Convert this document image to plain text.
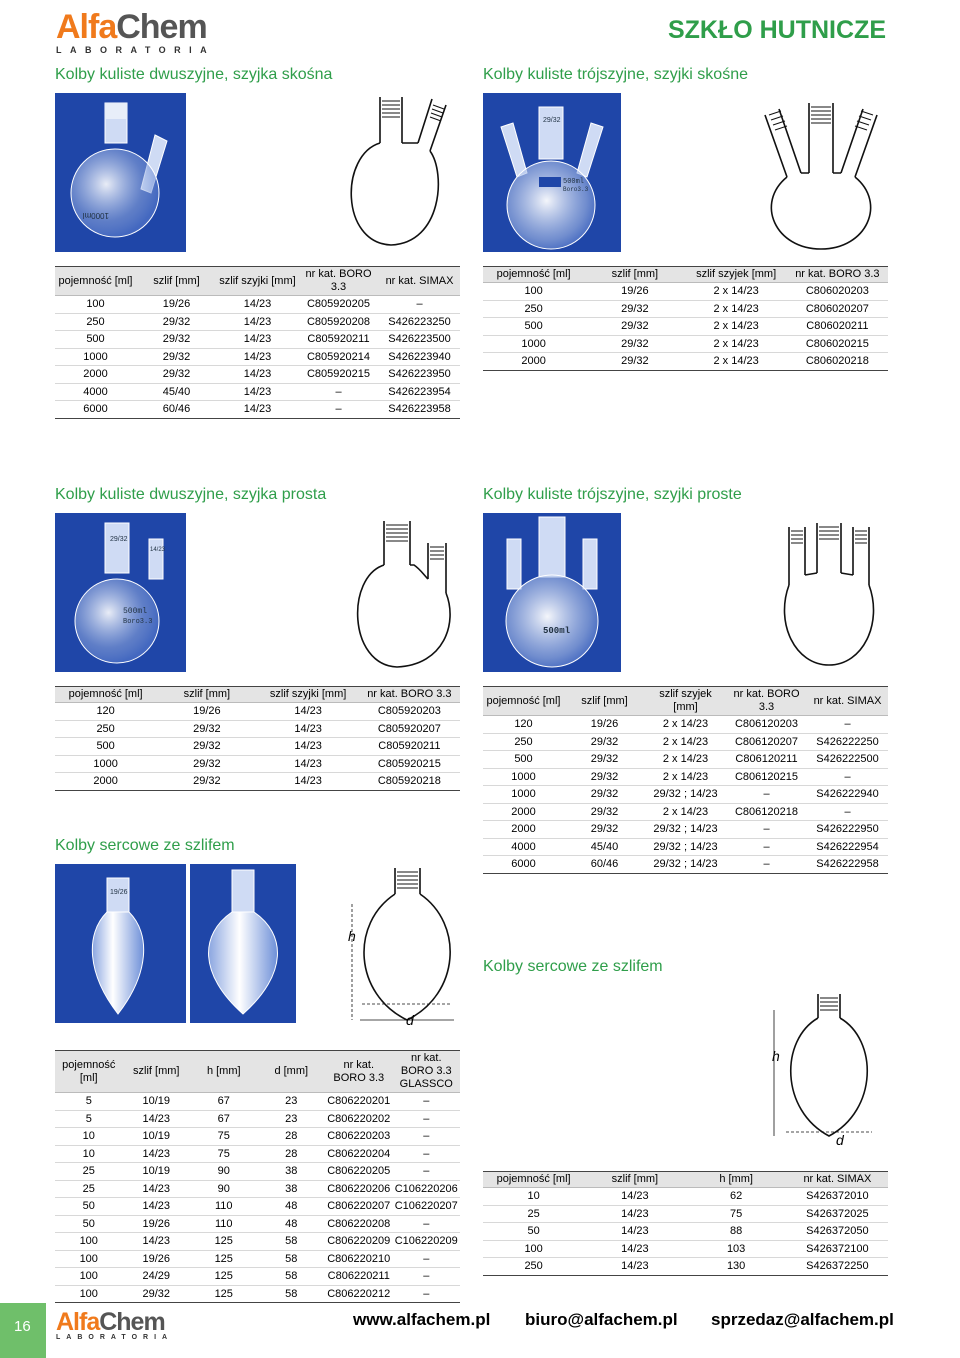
AlfaChem
LABORATORIA
SZKŁO HUTNICZE
Kolby kuliste dwuszyjne, szyjka skośna	Kolby kuliste trójszyjne, szyjki skośne
Kolby kuliste dwuszyjne, szyjka prosta	Kolby kuliste trójszyjne, szyjki proste
Kolby sercowe ze szlifem
Kolby sercowe ze szlifem
1000ml
29/32
14/23
500ml
Boro3.3
29/32
500ml
Boro3.3
500ml
19/26
h
d
h
d
pojemność [ml]	szlif [mm]	szlif szyjki [mm]	nr kat. BORO 3.3	nr kat. SIMAX
100	19/26	14/23	C805920205	–
250	29/32	14/23	C805920208	S426223250
500	29/32	14/23	C805920211	S426223500
1000	29/32	14/23	C805920214	S426223940
2000	29/32	14/23	C805920215	S426223950
4000	45/40	14/23	–	S426223954
6000	60/46	14/23	–	S426223958
pojemność [ml]	szlif [mm]	szlif szyjek [mm]	nr kat. BORO 3.3
100	19/26	2 x 14/23	C806020203
250	29/32	2 x 14/23	C806020207
500	29/32	2 x 14/23	C806020211
1000	29/32	2 x 14/23	C806020215
2000	29/32	2 x 14/23	C806020218
pojemność [ml]	szlif [mm]	szlif szyjki [mm]	nr kat. BORO 3.3
120	19/26	14/23	C805920203
250	29/32	14/23	C805920207
500	29/32	14/23	C805920211
1000	29/32	14/23	C805920215
2000	29/32	14/23	C805920218
pojemność [ml]	szlif [mm]	szlif szyjek [mm]	nr kat. BORO 3.3	nr kat. SIMAX
120	19/26	2 x 14/23	C806120203	–
250	29/32	2 x 14/23	C806120207	S426222250
500	29/32	2 x 14/23	C806120211	S426222500
1000	29/32	2 x 14/23	C806120215	–
1000	29/32	29/32 ; 14/23	–	S426222940
2000	29/32	2 x 14/23	C806120218	–
2000	29/32	29/32 ; 14/23	–	S426222950
4000	45/40	29/32 ; 14/23	–	S426222954
6000	60/46	29/32 ; 14/23	–	S426222958
pojemność [ml]	szlif [mm]	h [mm]	d [mm]	nr kat. BORO 3.3	nr kat. BORO 3.3 GLASSCO
5	10/19	67	23	C806220201	–
5	14/23	67	23	C806220202	–
10	10/19	75	28	C806220203	–
10	14/23	75	28	C806220204	–
25	10/19	90	38	C806220205	–
25	14/23	90	38	C806220206	C106220206
50	14/23	110	48	C806220207	C106220207
50	19/26	110	48	C806220208	–
100	14/23	125	58	C806220209	C106220209
100	19/26	125	58	C806220210	–
100	24/29	125	58	C806220211	–
100	29/32	125	58	C806220212	–
pojemność [ml]	szlif [mm]	h [mm]	nr kat. SIMAX
10	14/23	62	S426372010
25	14/23	75	S426372025
50	14/23	88	S426372050
100	14/23	103	S426372100
250	14/23	130	S426372250
16 AlfaChem
LABORATORIA
www.alfachem.pl biuro@alfachem.pl sprzedaz@alfachem.pl
